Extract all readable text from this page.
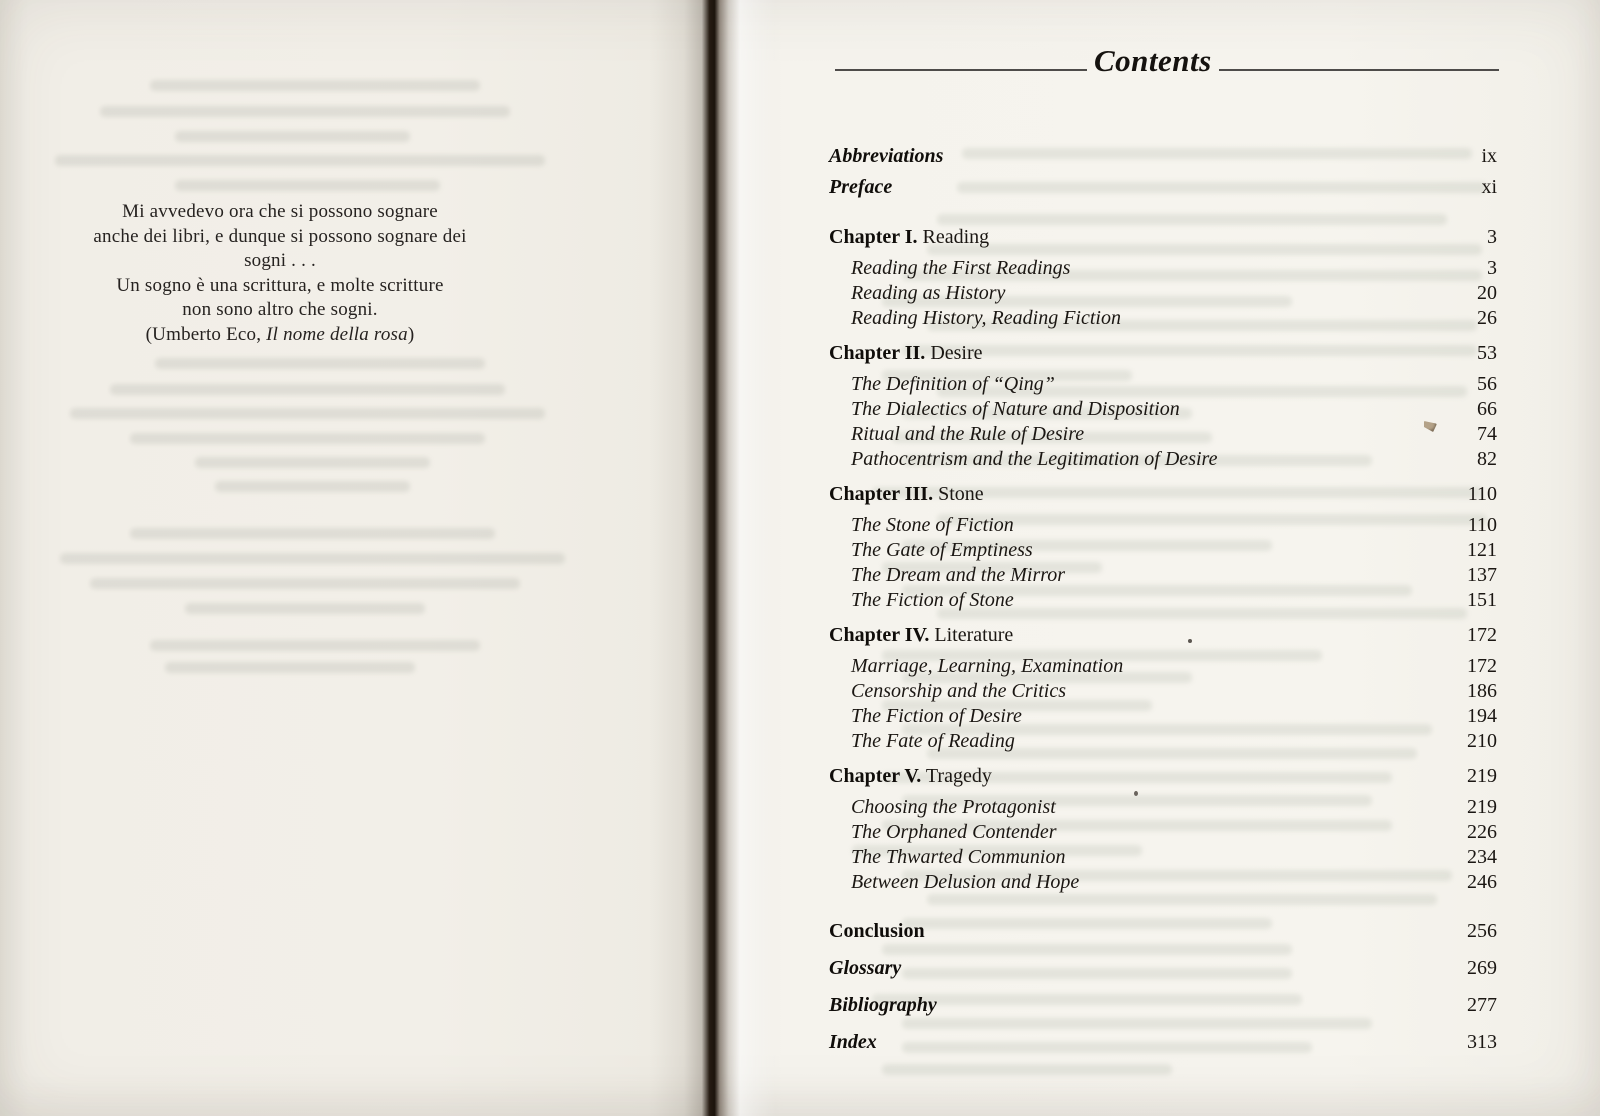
Mi avvedevo ora che si possono sognare
anche dei libri, e dunque si possono sognare dei
sogni . . .
Un sogno è una scrittura, e molte scritture
non sono altro che sogni.
(Umberto Eco, Il nome della rosa)
Contents
Abbreviations	ix
Preface	xi
Chapter I. Reading	3
Reading the First Readings	3
Reading as History	20
Reading History, Reading Fiction	26
Chapter II. Desire	53
The Definition of “Qing”	56
The Dialectics of Nature and Disposition	66
Ritual and the Rule of Desire	74
Pathocentrism and the Legitimation of Desire	82
Chapter III. Stone	110
The Stone of Fiction	110
The Gate of Emptiness	121
The Dream and the Mirror	137
The Fiction of Stone	151
Chapter IV. Literature	172
Marriage, Learning, Examination	172
Censorship and the Critics	186
The Fiction of Desire	194
The Fate of Reading	210
Chapter V. Tragedy	219
Choosing the Protagonist	219
The Orphaned Contender	226
The Thwarted Communion	234
Between Delusion and Hope	246
Conclusion	256
Glossary	269
Bibliography	277
Index	313
